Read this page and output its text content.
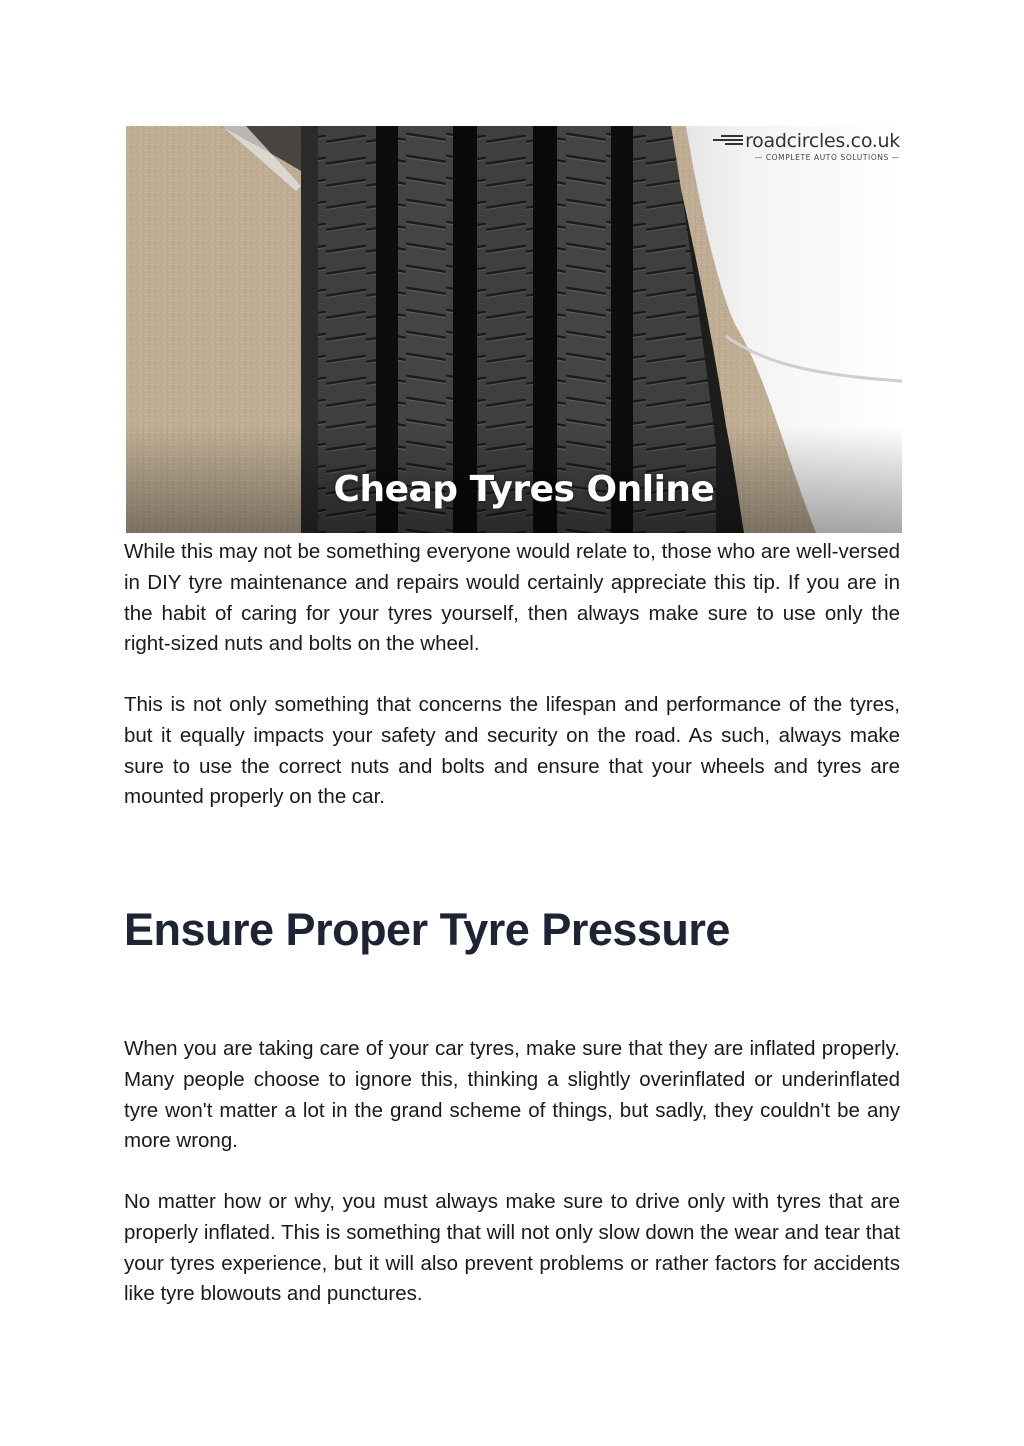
roadcircles.co.uk
— COMPLETE AUTO SOLUTIONS —
Cheap Tyres Online

While this may not be something everyone would relate to, those who are well-versed in DIY tyre maintenance and repairs would certainly appreciate this tip. If you are in the habit of caring for your tyres yourself, then always make sure to use only the right-sized nuts and bolts on the wheel.

This is not only something that concerns the lifespan and performance of the tyres, but it equally impacts your safety and security on the road. As such, always make sure to use the correct nuts and bolts and ensure that your wheels and tyres are mounted properly on the car.

Ensure Proper Tyre Pressure

When you are taking care of your car tyres, make sure that they are inflated properly. Many people choose to ignore this, thinking a slightly overinflated or underinflated tyre won't matter a lot in the grand scheme of things, but sadly, they couldn't be any more wrong.

No matter how or why, you must always make sure to drive only with tyres that are properly inflated. This is something that will not only slow down the wear and tear that your tyres experience, but it will also prevent problems or rather factors for accidents like tyre blowouts and punctures.
